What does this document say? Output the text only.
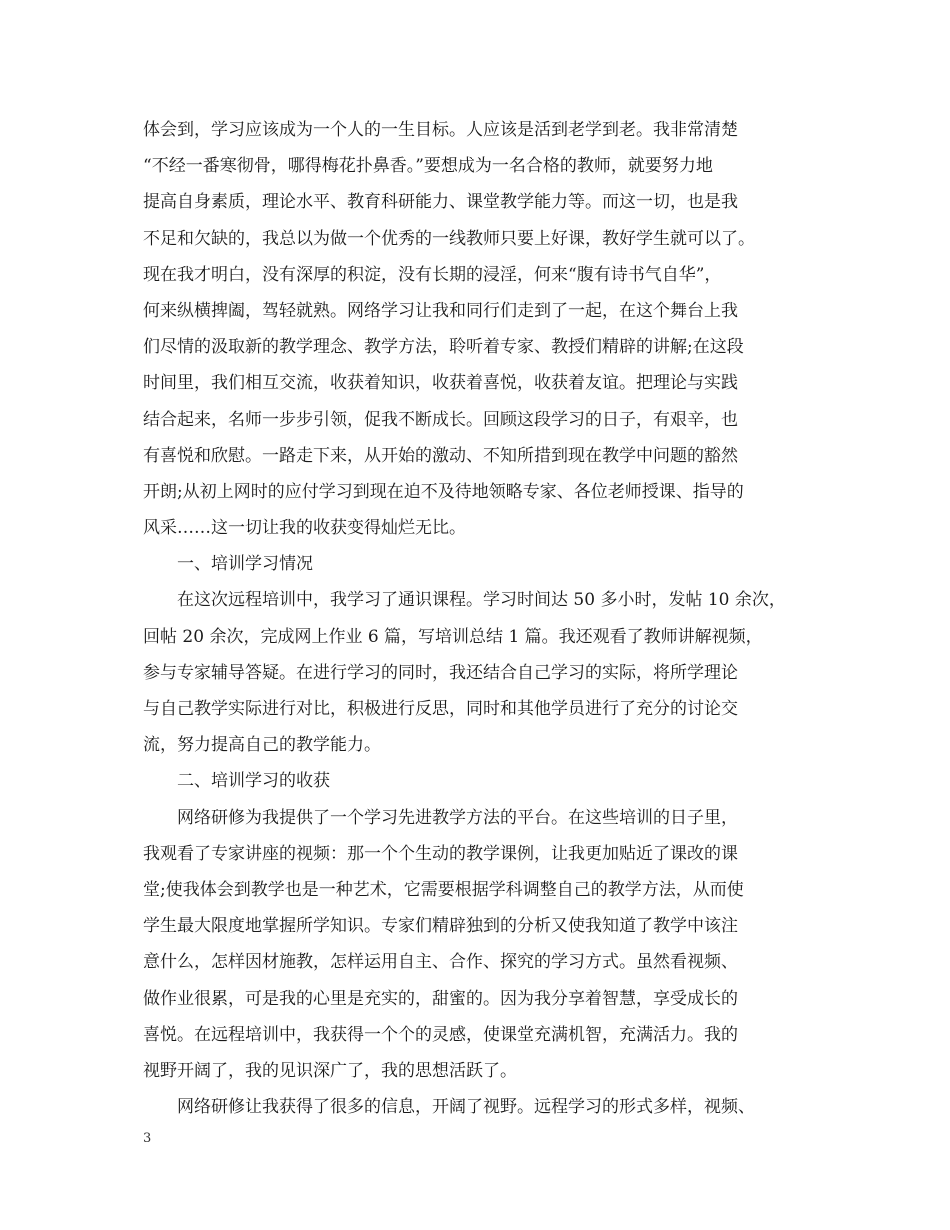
体会到，学习应该成为一个人的一生目标。人应该是活到老学到老。我非常清楚
“不经一番寒彻骨，哪得梅花扑鼻香。”要想成为一名合格的教师，就要努力地
提高自身素质，理论水平、教育科研能力、课堂教学能力等。而这一切，也是我
不足和欠缺的，我总以为做一个优秀的一线教师只要上好课，教好学生就可以了。
现在我才明白，没有深厚的积淀，没有长期的浸淫，何来“腹有诗书气自华”，
何来纵横捭阖，驾轻就熟。网络学习让我和同行们走到了一起，在这个舞台上我
们尽情的汲取新的教学理念、教学方法，聆听着专家、教授们精辟的讲解;在这段
时间里，我们相互交流，收获着知识，收获着喜悦，收获着友谊。把理论与实践
结合起来，名师一步步引领，促我不断成长。回顾这段学习的日子，有艰辛，也
有喜悦和欣慰。一路走下来，从开始的激动、不知所措到现在教学中问题的豁然
开朗;从初上网时的应付学习到现在迫不及待地领略专家、各位老师授课、指导的
风采……这一切让我的收获变得灿烂无比。
一、培训学习情况
在这次远程培训中，我学习了通识课程。学习时间达 50 多小时，发帖 10 余次，
回帖 20 余次，完成网上作业 6 篇，写培训总结 1 篇。我还观看了教师讲解视频，
参与专家辅导答疑。在进行学习的同时，我还结合自己学习的实际，将所学理论
与自己教学实际进行对比，积极进行反思，同时和其他学员进行了充分的讨论交
流，努力提高自己的教学能力。
二、培训学习的收获
网络研修为我提供了一个学习先进教学方法的平台。在这些培训的日子里，
我观看了专家讲座的视频：那一个个生动的教学课例，让我更加贴近了课改的课
堂;使我体会到教学也是一种艺术，它需要根据学科调整自己的教学方法，从而使
学生最大限度地掌握所学知识。专家们精辟独到的分析又使我知道了教学中该注
意什么，怎样因材施教，怎样运用自主、合作、探究的学习方式。虽然看视频、
做作业很累，可是我的心里是充实的，甜蜜的。因为我分享着智慧，享受成长的
喜悦。在远程培训中，我获得一个个的灵感，使课堂充满机智，充满活力。我的
视野开阔了，我的见识深广了，我的思想活跃了。
网络研修让我获得了很多的信息，开阔了视野。远程学习的形式多样，视频、
3
